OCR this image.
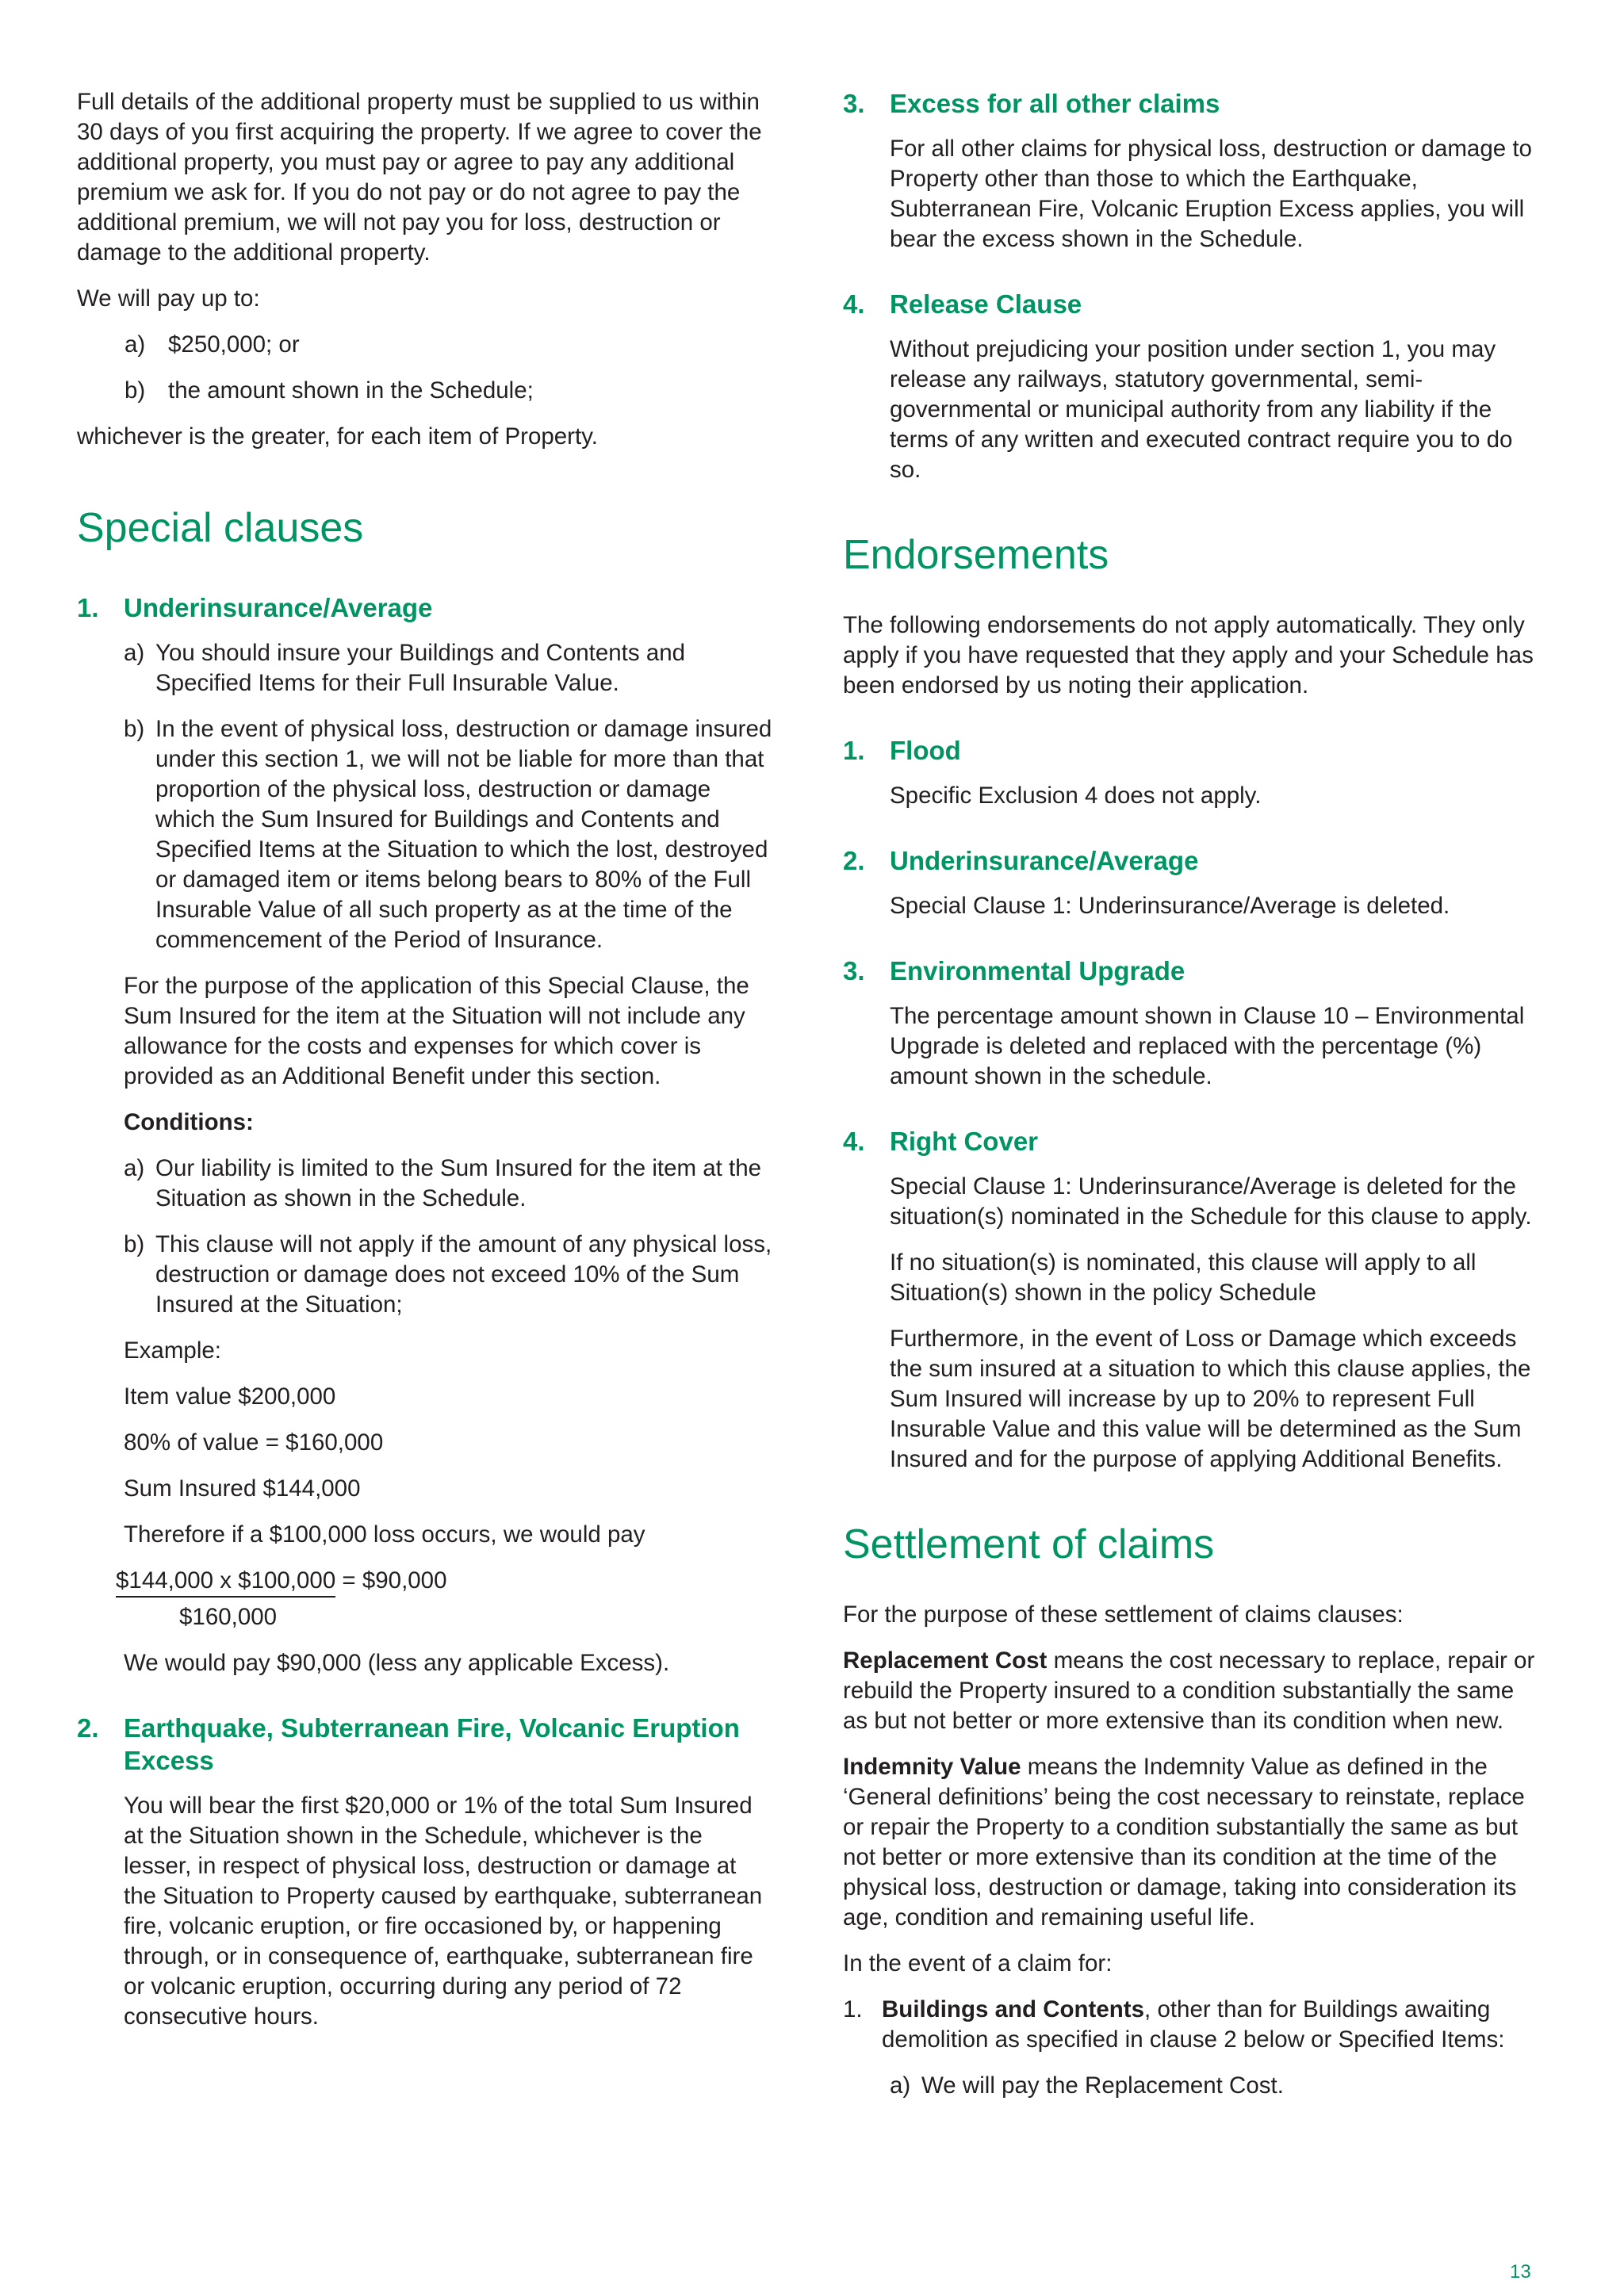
Full details of the additional property must be supplied to us within 30 days of you first acquiring the property. If we agree to cover the additional property, you must pay or agree to pay any additional premium we ask for. If you do not pay or do not agree to pay the additional premium, we will not pay you for loss, destruction or damage to the additional property.

We will pay up to:

a) $250,000; or

b) the amount shown in the Schedule;

whichever is the greater, for each item of Property.

Special clauses
1. Underinsurance/Average

a) You should insure your Buildings and Contents and Specified Items for their Full Insurable Value.

b) In the event of physical loss, destruction or damage insured under this section 1, we will not be liable for more than that proportion of the physical loss, destruction or damage which the Sum Insured for Buildings and Contents and Specified Items at the Situation to which the lost, destroyed or damaged item or items belong bears to 80% of the Full Insurable Value of all such property as at the time of the commencement of the Period of Insurance.

For the purpose of the application of this Special Clause, the Sum Insured for the item at the Situation will not include any allowance for the costs and expenses for which cover is provided as an Additional Benefit under this section.

Conditions:

a) Our liability is limited to the Sum Insured for the item at the Situation as shown in the Schedule.

b) This clause will not apply if the amount of any physical loss, destruction or damage does not exceed 10% of the Sum Insured at the Situation;

Example:

Item value $200,000

80% of value = $160,000

Sum Insured $144,000

Therefore if a $100,000 loss occurs, we would pay

$144,000 x $100,000 = $90,000

$160,000

We would pay $90,000 (less any applicable Excess).

2. Earthquake, Subterranean Fire, Volcanic Eruption Excess

You will bear the first $20,000 or 1% of the total Sum Insured at the Situation shown in the Schedule, whichever is the lesser, in respect of physical loss, destruction or damage at the Situation to Property caused by earthquake, subterranean fire, volcanic eruption, or fire occasioned by, or happening through, or in consequence of, earthquake, subterranean fire or volcanic eruption, occurring during any period of 72 consecutive hours.

3. Excess for all other claims

For all other claims for physical loss, destruction or damage to Property other than those to which the Earthquake, Subterranean Fire, Volcanic Eruption Excess applies, you will bear the excess shown in the Schedule.

4. Release Clause

Without prejudicing your position under section 1, you may release any railways, statutory governmental, semi-governmental or municipal authority from any liability if the terms of any written and executed contract require you to do so.

Endorsements

The following endorsements do not apply automatically. They only apply if you have requested that they apply and your Schedule has been endorsed by us noting their application.

1. Flood

Specific Exclusion 4 does not apply.

2. Underinsurance/Average

Special Clause 1: Underinsurance/Average is deleted.

3. Environmental Upgrade

The percentage amount shown in Clause 10 – Environmental Upgrade is deleted and replaced with the percentage (%) amount shown in the schedule.

4. Right Cover

Special Clause 1: Underinsurance/Average is deleted for the situation(s) nominated in the Schedule for this clause to apply.

If no situation(s) is nominated, this clause will apply to all Situation(s) shown in the policy Schedule

Furthermore, in the event of Loss or Damage which exceeds the sum insured at a situation to which this clause applies, the Sum Insured will increase by up to 20% to represent Full Insurable Value and this value will be determined as the Sum Insured and for the purpose of applying Additional Benefits.

Settlement of claims

For the purpose of these settlement of claims clauses:

Replacement Cost means the cost necessary to replace, repair or rebuild the Property insured to a condition substantially the same as but not better or more extensive than its condition when new.

Indemnity Value means the Indemnity Value as defined in the ‘General definitions’ being the cost necessary to reinstate, replace or repair the Property to a condition substantially the same as but not better or more extensive than its condition at the time of the physical loss, destruction or damage, taking into consideration its age, condition and remaining useful life.

In the event of a claim for:

1. Buildings and Contents, other than for Buildings awaiting demolition as specified in clause 2 below or Specified Items:

a) We will pay the Replacement Cost.

13
